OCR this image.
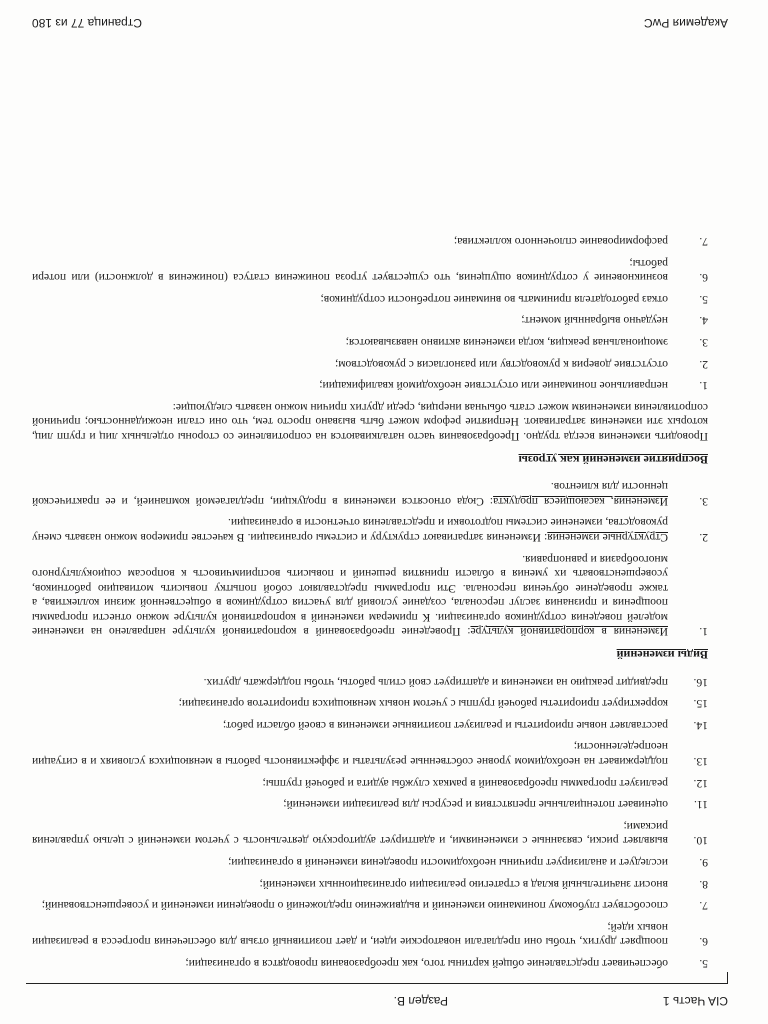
CIA Часть 1
Раздел В.
5.
обеспечивает представление общей картины того, как преобразования проводятся в организации;
6.
поощряет других, чтобы они предлагали новаторские идеи, и дает позитивный отзыв для обеспечения прогресса в реализации новых идей;
7.
способствует глубокому пониманию изменений и выдвижению предложений о проведении изменений и усовершенствований;
8.
вносит значительный вклад в стратегию реализации организационных изменений;
9.
исследует и анализирует причины необходимости проведения изменений в организации;
10.
выявляет риски, связанные с изменениями, и адаптирует аудиторскую деятельность с учетом изменений с целью управления рисками;
11.
оценивает потенциальные препятствия и ресурсы для реализации изменений;
12.
реализует программы преобразований в рамках службы аудита и рабочей группы;
13.
поддерживает на необходимом уровне собственные результаты и эффективность работы в меняющихся условиях и в ситуации неопределенности;
14.
расставляет новые приоритеты и реализует позитивные изменения в своей области работ;
15.
корректирует приоритеты рабочей группы с учетом новых меняющихся приоритетов организации;
16.
предвидит реакцию на изменения и адаптирует свой стиль работы, чтобы поддержать других.
Виды изменений
1.
Изменения в корпоративной культуре: Проведение преобразований в корпоративной культуре направлено на изменение моделей поведения сотрудников организации. К примерам изменений в корпоративной культуре можно отнести программы поощрения и признания заслуг персонала, создание условий для участия сотрудников в общественной жизни коллектива, а также проведение обучения персонала. Эти программы представляют собой попытку повысить мотивацию работников, усовершенствовать их умения в области принятия решений и повысить восприимчивость к вопросам социокультурного многообразия и равноправия.
2.
Структурные изменения: Изменения затрагивают структуру и системы организации. В качестве примеров можно назвать смену руководства, изменение системы подготовки и представления отчетности в организации.
3.
Изменения, касающиеся продукта: Сюда относятся изменения в продукции, предлагаемой компанией, и ее практической ценности для клиентов.
Восприятие изменений как угрозы

Проводить изменения всегда трудно. Преобразования часто наталкиваются на сопротивление со стороны отдельных лиц и групп лиц, которых эти изменения затрагивают. Неприятие реформ может быть вызвано просто тем, что они стали неожиданностью; причиной сопротивления изменениям может стать обычная инерция, среди других причин можно назвать следующие:

1.
неправильное понимание или отсутствие необходимой квалификации;
2.
отсутствие доверия к руководству или разногласия с руководством;
3.
эмоциональная реакция, когда изменения активно навязываются;
4.
неудачно выбранный момент;
5.
отказ работодателя принимать во внимание потребности сотрудников;
6.
возникновение у сотрудников ощущения, что существует угроза понижения статуса (понижения в должности) или потери работы;
7.
расформирование сплоченного коллектива;
Академия PwC
Страница 77 из 180
